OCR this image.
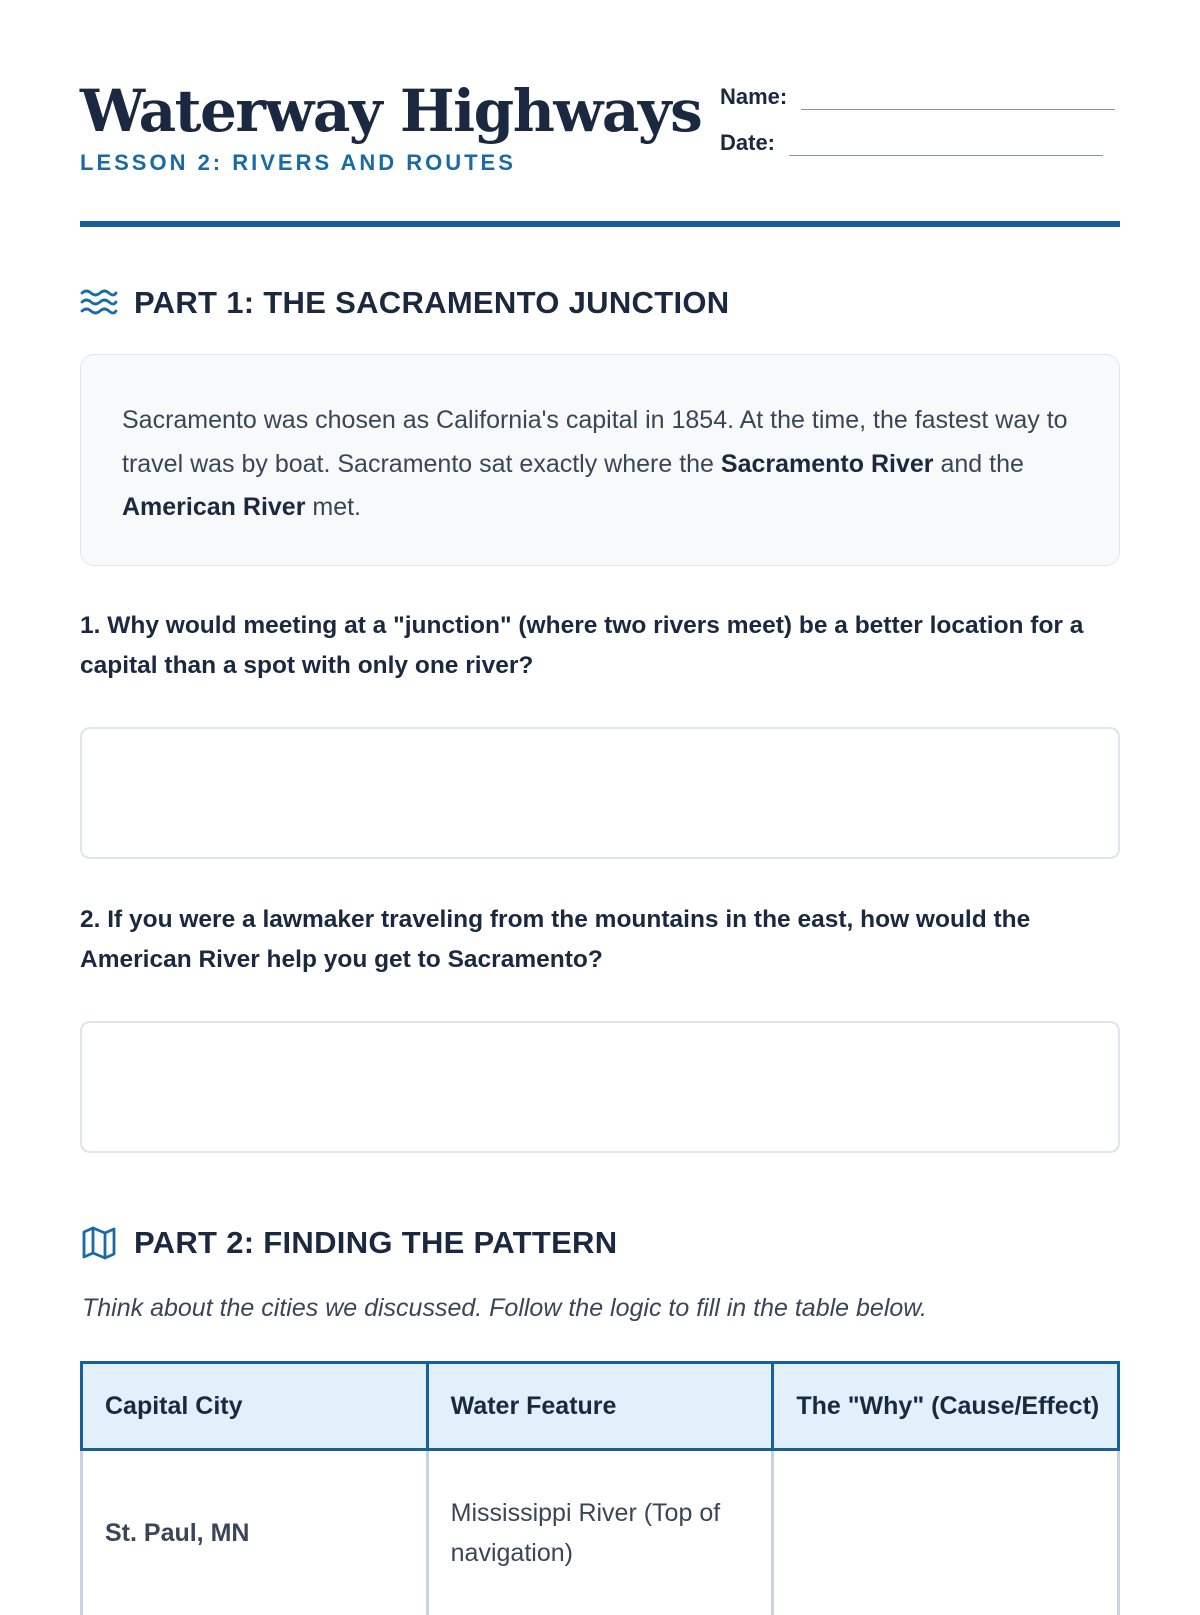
Waterway Highways
LESSON 2: RIVERS AND ROUTES
Name:
Date:
PART 1: THE SACRAMENTO JUNCTION
Sacramento was chosen as California's capital in 1854. At the time, the fastest way to travel was by boat. Sacramento sat exactly where the Sacramento River and the American River met.

1. Why would meeting at a "junction" (where two rivers meet) be a better location for a capital than a spot with only one river?

2. If you were a lawmaker traveling from the mountains in the east, how would the American River help you get to Sacramento?

PART 2: FINDING THE PATTERN

Think about the cities we discussed. Follow the logic to fill in the table below.

Capital City	Water Feature	The "Why" (Cause/Effect)
St. Paul, MN	Mississippi River (Top of navigation)	
